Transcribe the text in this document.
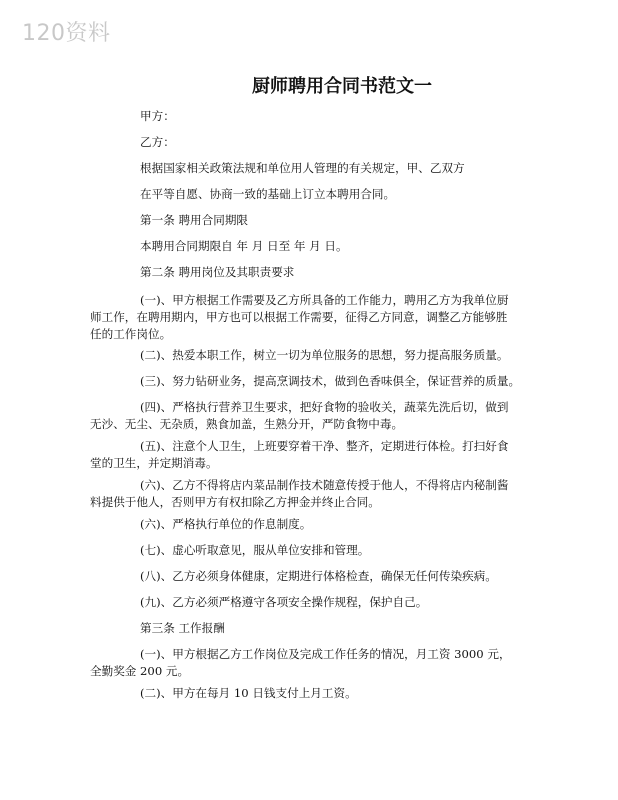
120资料
厨师聘用合同书范文一
甲方：
乙方：
根据国家相关政策法规和单位用人管理的有关规定，甲、乙双方
在平等自愿、协商一致的基础上订立本聘用合同。
第一条 聘用合同期限
本聘用合同期限自 年 月 日至 年 月 日。
第二条 聘用岗位及其职责要求
(一)、甲方根据工作需要及乙方所具备的工作能力，聘用乙方为我单位厨
师工作，在聘用期内，甲方也可以根据工作需要，征得乙方同意，调整乙方能够胜
任的工作岗位。
(二)、热爱本职工作，树立一切为单位服务的思想，努力提高服务质量。
(三)、努力钻研业务，提高烹调技术，做到色香味俱全，保证营养的质量。
(四)、严格执行营养卫生要求，把好食物的验收关，蔬菜先洗后切，做到
无沙、无尘、无杂质，熟食加盖，生熟分开，严防食物中毒。
(五)、注意个人卫生，上班要穿着干净、整齐，定期进行体检。打扫好食
堂的卫生，并定期消毒。
(六)、乙方不得将店内菜品制作技术随意传授于他人，不得将店内秘制酱
料提供于他人，否则甲方有权扣除乙方押金并终止合同。
(六)、严格执行单位的作息制度。
(七)、虚心听取意见，服从单位安排和管理。
(八)、乙方必须身体健康，定期进行体格检查，确保无任何传染疾病。
(九)、乙方必须严格遵守各项安全操作规程，保护自己。
第三条 工作报酬
(一)、甲方根据乙方工作岗位及完成工作任务的情况，月工资 3000 元，
全勤奖金 200 元。
(二)、甲方在每月 10 日钱支付上月工资。
